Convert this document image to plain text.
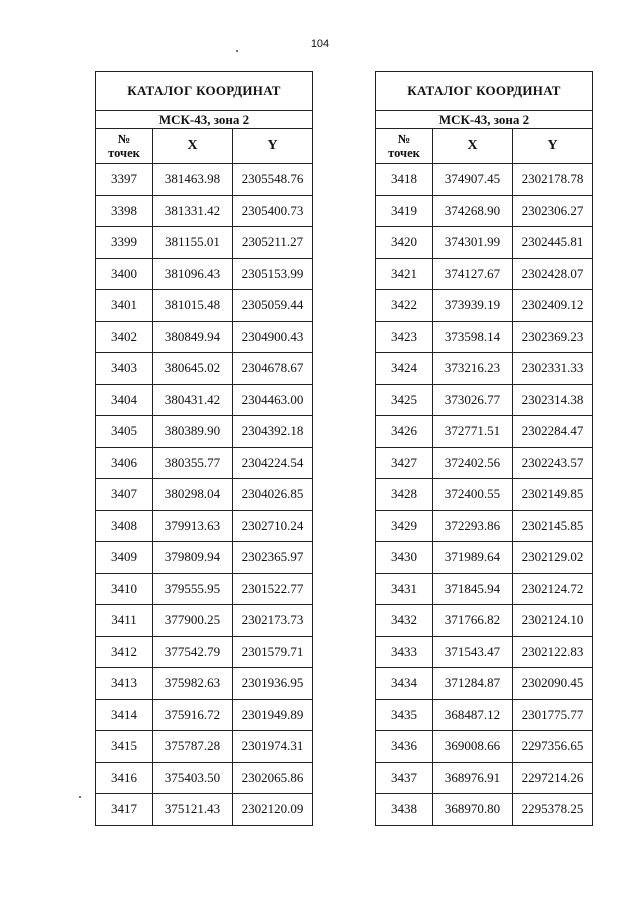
104
КАТАЛОГ КООРДИНАТ		
МСК-43, зона 2		
№
точек	X	Y
3397	381463.98	2305548.76
3398	381331.42	2305400.73
3399	381155.01	2305211.27
3400	381096.43	2305153.99
3401	381015.48	2305059.44
3402	380849.94	2304900.43
3403	380645.02	2304678.67
3404	380431.42	2304463.00
3405	380389.90	2304392.18
3406	380355.77	2304224.54
3407	380298.04	2304026.85
3408	379913.63	2302710.24
3409	379809.94	2302365.97
3410	379555.95	2301522.77
3411	377900.25	2302173.73
3412	377542.79	2301579.71
3413	375982.63	2301936.95
3414	375916.72	2301949.89
3415	375787.28	2301974.31
3416	375403.50	2302065.86
3417	375121.43	2302120.09
КАТАЛОГ КООРДИНАТ		
МСК-43, зона 2		
№
точек	X	Y
3418	374907.45	2302178.78
3419	374268.90	2302306.27
3420	374301.99	2302445.81
3421	374127.67	2302428.07
3422	373939.19	2302409.12
3423	373598.14	2302369.23
3424	373216.23	2302331.33
3425	373026.77	2302314.38
3426	372771.51	2302284.47
3427	372402.56	2302243.57
3428	372400.55	2302149.85
3429	372293.86	2302145.85
3430	371989.64	2302129.02
3431	371845.94	2302124.72
3432	371766.82	2302124.10
3433	371543.47	2302122.83
3434	371284.87	2302090.45
3435	368487.12	2301775.77
3436	369008.66	2297356.65
3437	368976.91	2297214.26
3438	368970.80	2295378.25
